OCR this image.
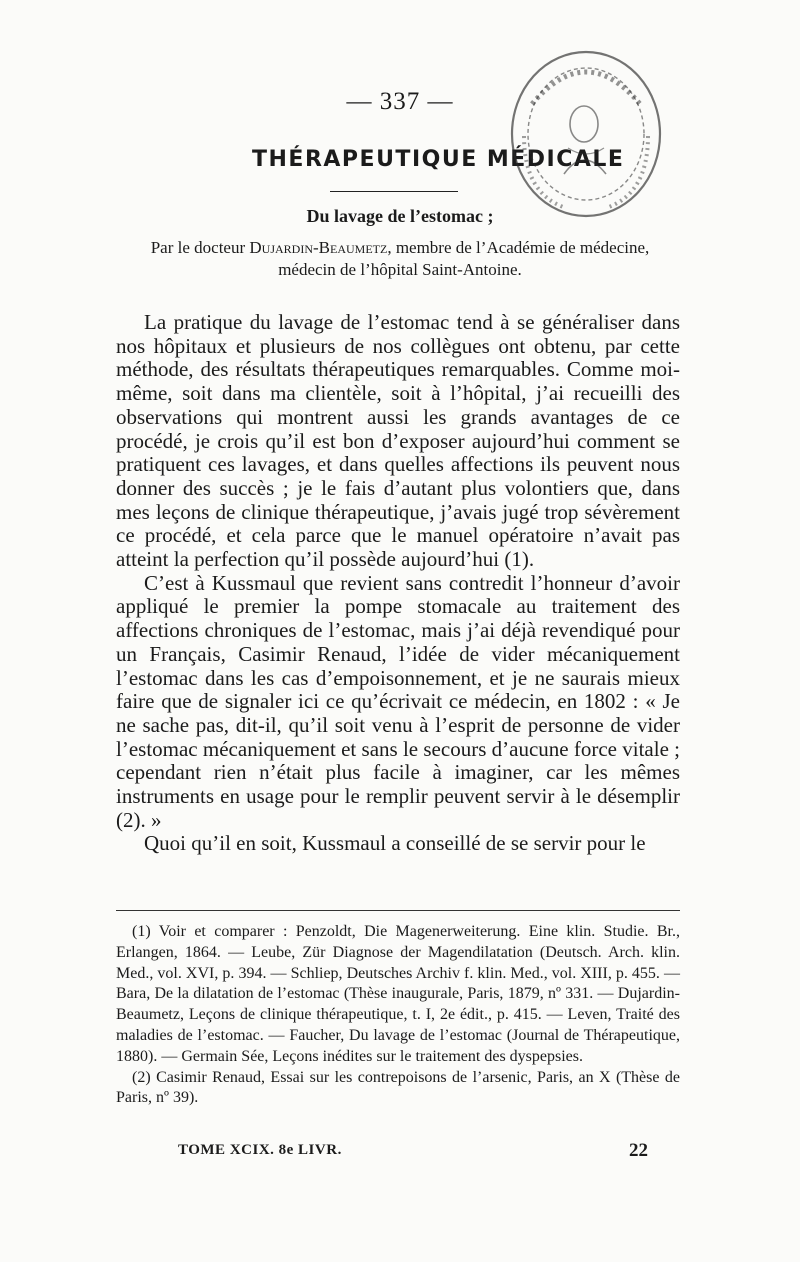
— 337 —
THÉRAPEUTIQUE MÉDICALE
Du lavage de l’estomac ;
Par le docteur Dujardin-Beaumetz, membre de l’Académie de médecine,
médecin de l’hôpital Saint-Antoine.

La pratique du lavage de l’estomac tend à se généraliser dans nos hôpitaux et plusieurs de nos collègues ont obtenu, par cette méthode, des résultats thérapeutiques remarquables. Comme moi-même, soit dans ma clientèle, soit à l’hôpital, j’ai recueilli des observations qui montrent aussi les grands avantages de ce procédé, je crois qu’il est bon d’exposer aujourd’hui comment se pratiquent ces lavages, et dans quelles affections ils peuvent nous donner des succès ; je le fais d’autant plus volontiers que, dans mes leçons de clinique thérapeutique, j’avais jugé trop sévèrement ce procédé, et cela parce que le manuel opératoire n’avait pas atteint la perfection qu’il possède aujourd’hui (1).

C’est à Kussmaul que revient sans contredit l’honneur d’avoir appliqué le premier la pompe stomacale au traitement des affections chroniques de l’estomac, mais j’ai déjà revendiqué pour un Français, Casimir Renaud, l’idée de vider mécaniquement l’estomac dans les cas d’empoisonnement, et je ne saurais mieux faire que de signaler ici ce qu’écrivait ce médecin, en 1802 : « Je ne sache pas, dit-il, qu’il soit venu à l’esprit de personne de vider l’estomac mécaniquement et sans le secours d’aucune force vitale ; cependant rien n’était plus facile à imaginer, car les mêmes instruments en usage pour le remplir peuvent servir à le désemplir (2). »

Quoi qu’il en soit, Kussmaul a conseillé de se servir pour le

(1) Voir et comparer : Penzoldt, Die Magenerweiterung. Eine klin. Studie. Br., Erlangen, 1864. — Leube, Zür Diagnose der Magendilatation (Deutsch. Arch. klin. Med., vol. XVI, p. 394. — Schliep, Deutsches Archiv f. klin. Med., vol. XIII, p. 455. — Bara, De la dilatation de l’estomac (Thèse inaugurale, Paris, 1879, nº 331. — Dujardin-Beaumetz, Leçons de clinique thérapeutique, t. I, 2e édit., p. 415. — Leven, Traité des maladies de l’estomac. — Faucher, Du lavage de l’estomac (Journal de Thérapeutique, 1880). — Germain Sée, Leçons inédites sur le traitement des dyspepsies.

(2) Casimir Renaud, Essai sur les contrepoisons de l’arsenic, Paris, an X (Thèse de Paris, nº 39).

TOME XCIX. 8e LIVR.	22
